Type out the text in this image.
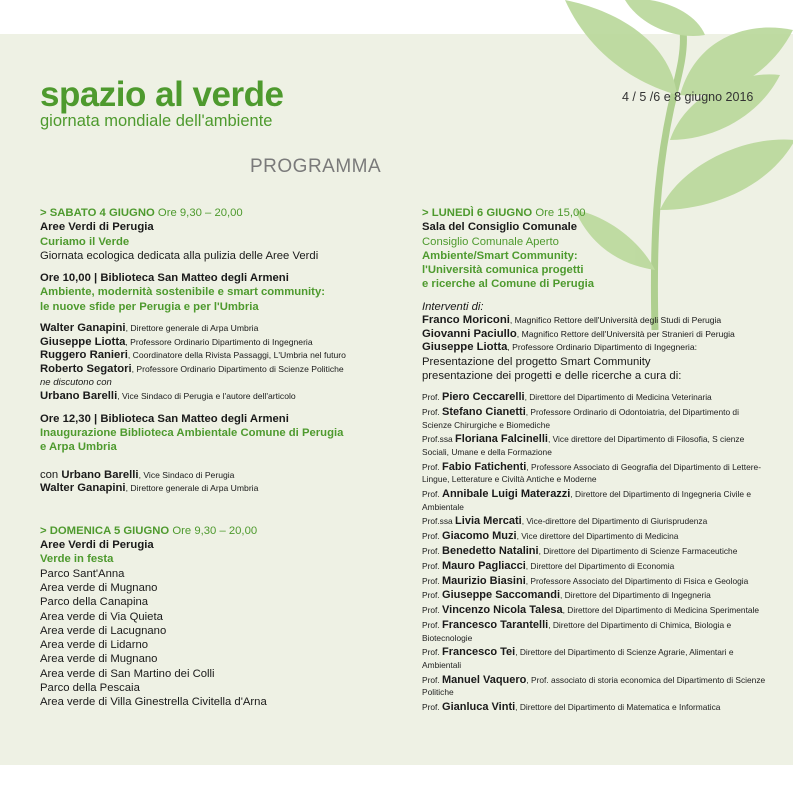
spazio al verde
giornata mondiale dell'ambiente
4 / 5 /6 e 8 giugno 2016
PROGRAMMA
> SABATO 4 GIUGNO Ore 9,30 – 20,00
Aree Verdi di Perugia
Curiamo il Verde
Giornata ecologica dedicata alla pulizia delle Aree Verdi
Ore 10,00 | Biblioteca San Matteo degli Armeni
Ambiente, modernità sostenibile e smart community:
le nuove sfide per Perugia e per l'Umbria
Walter Ganapini, Direttore generale di Arpa Umbria
Giuseppe Liotta, Professore Ordinario Dipartimento di Ingegneria
Ruggero Ranieri, Coordinatore della Rivista Passaggi, L'Umbria nel futuro
Roberto Segatori, Professore Ordinario Dipartimento di Scienze Politiche
ne discutono con
Urbano Barelli, Vice Sindaco di Perugia e l'autore dell'articolo
Ore 12,30 | Biblioteca San Matteo degli Armeni
Inaugurazione Biblioteca Ambientale Comune di Perugia
e Arpa Umbria
con Urbano Barelli, Vice Sindaco di Perugia
Walter Ganapini, Direttore generale di Arpa Umbria
> DOMENICA 5 GIUGNO Ore 9,30 – 20,00
Aree Verdi di Perugia
Verde in festa
Parco Sant'Anna
Area verde di Mugnano
Parco della Canapina
Area verde di Via Quieta
Area verde di Lacugnano
Area verde di Lidarno
Area verde di Mugnano
Area verde di San Martino dei Colli
Parco della Pescaia
Area verde di Villa Ginestrella Civitella d'Arna
> LUNEDÌ 6 GIUGNO Ore 15,00
Sala del Consiglio Comunale
Consiglio Comunale Aperto
Ambiente/Smart Community:
l'Università comunica progetti
e ricerche al Comune di Perugia
Interventi di:
Franco Moriconi, Magnifico Rettore dell'Università degli Studi di Perugia
Giovanni Paciullo, Magnifico Rettore dell'Università per Stranieri di Perugia
Giuseppe Liotta, Professore Ordinario Dipartimento di Ingegneria:
Presentazione del progetto Smart Community
presentazione dei progetti e delle ricerche a cura di:
Prof. Piero Ceccarelli, Direttore del Dipartimento di Medicina Veterinaria
Prof. Stefano Cianetti, Professore Ordinario di Odontoiatria, del Dipartimento di Scienze Chirurgiche e Biomediche
Prof.ssa Floriana Falcinelli, Vice direttore del Dipartimento di Filosofia, S cienze Sociali, Umane e della Formazione
Prof. Fabio Fatichenti, Professore Associato di Geografia del Dipartimento di Lettere-Lingue, Letterature e Civiltà Antiche e Moderne
Prof. Annibale Luigi Materazzi, Direttore del Dipartimento di Ingegneria Civile e Ambientale
Prof.ssa Livia Mercati, Vice-direttore del Dipartimento di Giurisprudenza
Prof. Giacomo Muzi, Vice direttore del Dipartimento di Medicina
Prof. Benedetto Natalini, Direttore del Dipartimento di Scienze Farmaceutiche
Prof. Mauro Pagliacci, Direttore del Dipartimento di Economia
Prof. Maurizio Biasini, Professore Associato del Dipartimento di Fisica e Geologia
Prof. Giuseppe Saccomandi, Direttore del Dipartimento di Ingegneria
Prof. Vincenzo Nicola Talesa, Direttore del Dipartimento di Medicina Sperimentale
Prof. Francesco Tarantelli, Direttore del Dipartimento di Chimica, Biologia e Biotecnologie
Prof. Francesco Tei, Direttore del Dipartimento di Scienze Agrarie, Alimentari e Ambientali
Prof. Manuel Vaquero, Prof. associato di storia economica del Dipartimento di Scienze Politiche
Prof. Gianluca Vinti, Direttore del Dipartimento di Matematica e Informatica
